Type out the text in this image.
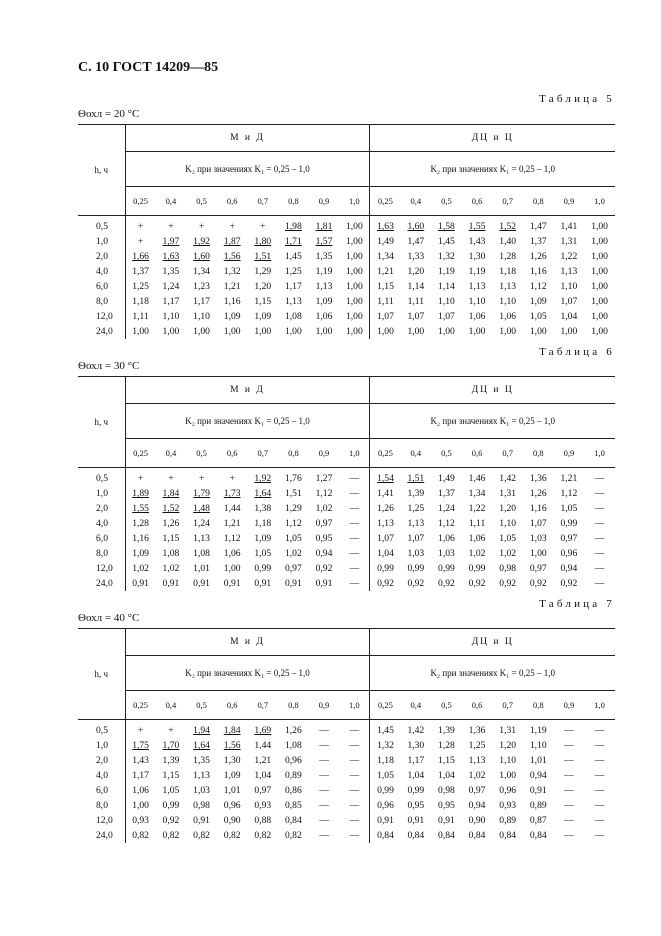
С. 10 ГОСТ 14209—85
Таблица 5
Θохл = 20 °С
h, ч	М и Д								ДЦ и Ц							
	K₂ при значениях K₁ = 0,25 – 1,0								K₂ при значениях K₁ = 0,25 – 1,0							
	0,25	0,4	0,5	0,6	0,7	0,8	0,9	1,0	0,25	0,4	0,5	0,6	0,7	0,8	0,9	1,0
0,5	+	+	+	+	+	1,98	1,81	1,00	1,63	1,60	1,58	1,55	1,52	1,47	1,41	1,00
1,0	+	1,97	1,92	1,87	1,80	1,71	1,57	1,00	1,49	1,47	1,45	1,43	1,40	1,37	1,31	1,00
2,0	1,66	1,63	1,60	1,56	1,51	1,45	1,35	1,00	1,34	1,33	1,32	1,30	1,28	1,26	1,22	1,00
4,0	1,37	1,35	1,34	1,32	1,29	1,25	1,19	1,00	1,21	1,20	1,19	1,19	1,18	1,16	1,13	1,00
6,0	1,25	1,24	1,23	1,21	1,20	1,17	1,13	1,00	1,15	1,14	1,14	1,13	1,13	1,12	1,10	1,00
8,0	1,18	1,17	1,17	1,16	1,15	1,13	1,09	1,00	1,11	1,11	1,10	1,10	1,10	1,09	1,07	1,00
12,0	1,11	1,10	1,10	1,09	1,09	1,08	1,06	1,00	1,07	1,07	1,07	1,06	1,06	1,05	1,04	1,00
24,0	1,00	1,00	1,00	1,00	1,00	1,00	1,00	1,00	1,00	1,00	1,00	1,00	1,00	1,00	1,00	1,00
Таблица 6
Θохл = 30 °С
h, ч	М и Д								ДЦ и Ц							
	K₂ при значениях K₁ = 0,25 – 1,0								K₂ при значениях K₁ = 0,25 – 1,0							
	0,25	0,4	0,5	0,6	0,7	0,8	0,9	1,0	0,25	0,4	0,5	0,6	0,7	0,8	0,9	1,0
0,5	+	+	+	+	1,92	1,76	1,27	—	1,54	1,51	1,49	1,46	1,42	1,36	1,21	—
1,0	1,89	1,84	1,79	1,73	1,64	1,51	1,12	—	1,41	1,39	1,37	1,34	1,31	1,26	1,12	—
2,0	1,55	1,52	1,48	1,44	1,38	1,29	1,02	—	1,26	1,25	1,24	1,22	1,20	1,16	1,05	—
4,0	1,28	1,26	1,24	1,21	1,18	1,12	0,97	—	1,13	1,13	1,12	1,11	1,10	1,07	0,99	—
6,0	1,16	1,15	1,13	1,12	1,09	1,05	0,95	—	1,07	1,07	1,06	1,06	1,05	1,03	0,97	—
8,0	1,09	1,08	1,08	1,06	1,05	1,02	0,94	—	1,04	1,03	1,03	1,02	1,02	1,00	0,96	—
12,0	1,02	1,02	1,01	1,00	0,99	0,97	0,92	—	0,99	0,99	0,99	0,99	0,98	0,97	0,94	—
24,0	0,91	0,91	0,91	0,91	0,91	0,91	0,91	—	0,92	0,92	0,92	0,92	0,92	0,92	0,92	—
Таблица 7
Θохл = 40 °С
h, ч	М и Д								ДЦ и Ц							
	K₂ при значениях K₁ = 0,25 – 1,0								K₂ при значениях K₁ = 0,25 – 1,0							
	0,25	0,4	0,5	0,6	0,7	0,8	0,9	1,0	0,25	0,4	0,5	0,6	0,7	0,8	0,9	1,0
0,5	+	+	1,94	1,84	1,69	1,26	—	—	1,45	1,42	1,39	1,36	1,31	1,19	—	—
1,0	1,75	1,70	1,64	1,56	1,44	1,08	—	—	1,32	1,30	1,28	1,25	1,20	1,10	—	—
2,0	1,43	1,39	1,35	1,30	1,21	0,96	—	—	1,18	1,17	1,15	1,13	1,10	1,01	—	—
4,0	1,17	1,15	1,13	1,09	1,04	0,89	—	—	1,05	1,04	1,04	1,02	1,00	0,94	—	—
6,0	1,06	1,05	1,03	1,01	0,97	0,86	—	—	0,99	0,99	0,98	0,97	0,96	0,91	—	—
8,0	1,00	0,99	0,98	0,96	0,93	0,85	—	—	0,96	0,95	0,95	0,94	0,93	0,89	—	—
12,0	0,93	0,92	0,91	0,90	0,88	0,84	—	—	0,91	0,91	0,91	0,90	0,89	0,87	—	—
24,0	0,82	0,82	0,82	0,82	0,82	0,82	—	—	0,84	0,84	0,84	0,84	0,84	0,84	—	—
